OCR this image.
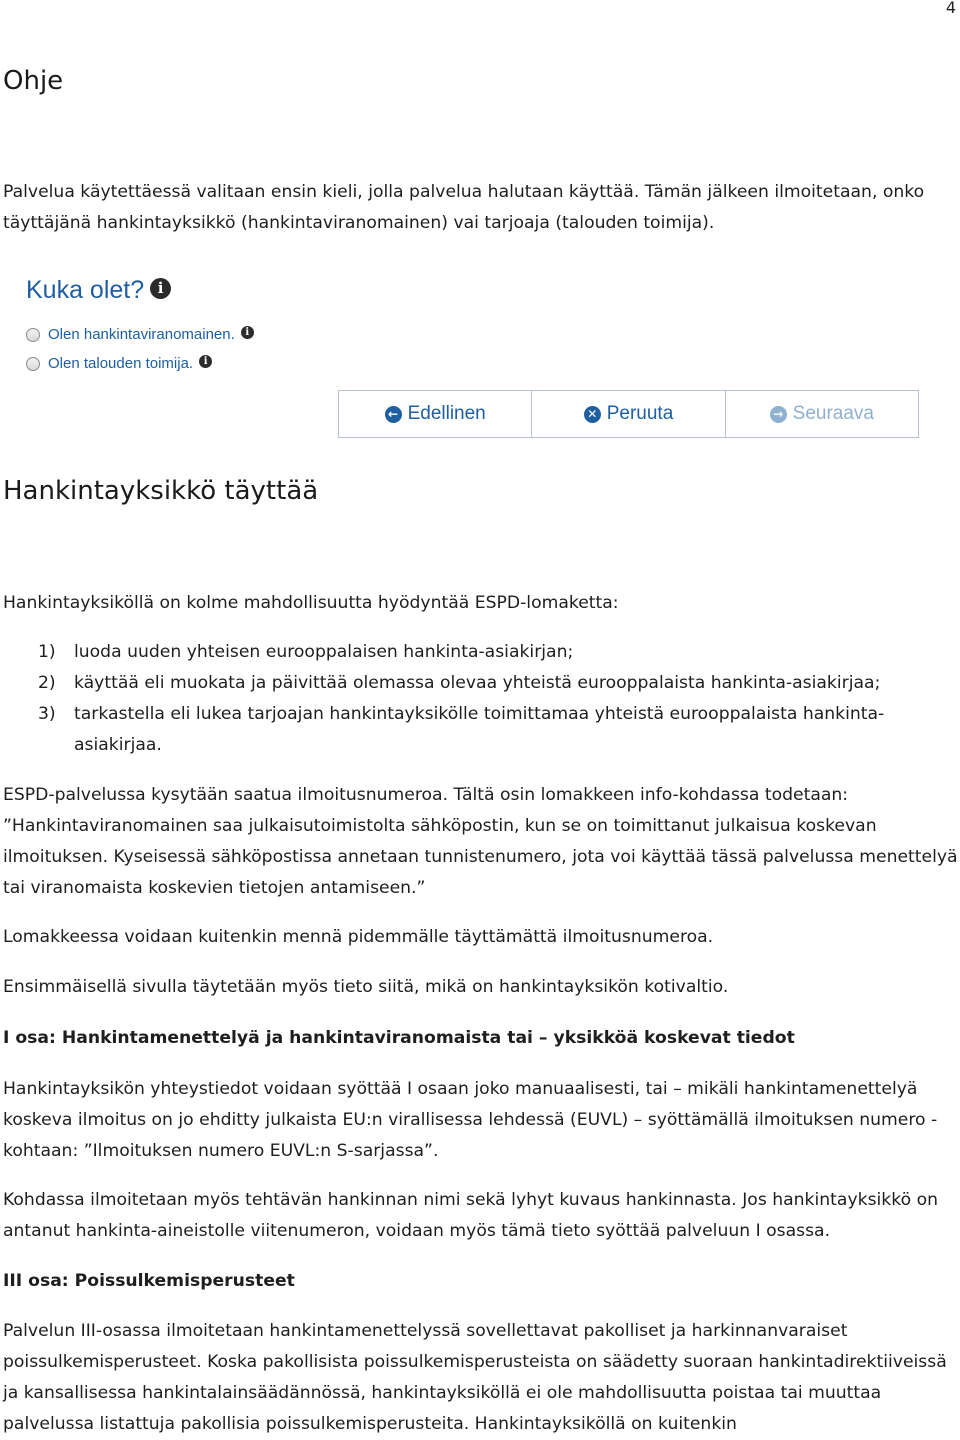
4
Ohje

Palvelua käytettäessä valitaan ensin kieli, jolla palvelua halutaan käyttää. Tämän jälkeen ilmoitetaan, onko täyttäjänä hankintayksikkö (hankintaviranomainen) vai tarjoaja (talouden toimija).

Kuka olet? i
Olen hankintaviranomainen.	i
Olen talouden toimija.	i
← Edellinen	✕ Peruuta	→ Seuraava
Hankintayksikkö täyttää

Hankintayksiköllä on kolme mahdollisuutta hyödyntää ESPD-lomaketta:

1)	luoda uuden yhteisen eurooppalaisen hankinta-asiakirjan;
2)	käyttää eli muokata ja päivittää olemassa olevaa yhteistä eurooppalaista hankinta-asiakirjaa;
3)	tarkastella eli lukea tarjoajan hankintayksikölle toimittamaa yhteistä eurooppalaista hankinta-asiakirjaa.

ESPD-palvelussa kysytään saatua ilmoitusnumeroa. Tältä osin lomakkeen info-kohdassa todetaan: ”Hankintaviranomainen saa julkaisutoimistolta sähköpostin, kun se on toimittanut julkaisua koskevan ilmoituksen. Kyseisessä sähköpostissa annetaan tunnistenumero, jota voi käyttää tässä palvelussa menettelyä tai viranomaista koskevien tietojen antamiseen.”

Lomakkeessa voidaan kuitenkin mennä pidemmälle täyttämättä ilmoitusnumeroa.

Ensimmäisellä sivulla täytetään myös tieto siitä, mikä on hankintayksikön kotivaltio.

I osa: Hankintamenettelyä ja hankintaviranomaista tai – yksikköä koskevat tiedot

Hankintayksikön yhteystiedot voidaan syöttää I osaan joko manuaalisesti, tai – mikäli hankintamenettelyä koskeva ilmoitus on jo ehditty julkaista EU:n virallisessa lehdessä (EUVL) – syöttämällä ilmoituksen numero -kohtaan: ”Ilmoituksen numero EUVL:n S-sarjassa”.

Kohdassa ilmoitetaan myös tehtävän hankinnan nimi sekä lyhyt kuvaus hankinnasta. Jos hankintayksikkö on antanut hankinta-aineistolle viitenumeron, voidaan myös tämä tieto syöttää palveluun I osassa.

III osa: Poissulkemisperusteet

Palvelun III-osassa ilmoitetaan hankintamenettelyssä sovellettavat pakolliset ja harkinnanvaraiset poissulkemisperusteet. Koska pakollisista poissulkemisperusteista on säädetty suoraan hankintadirektiiveissä ja kansallisessa hankintalainsäädännössä, hankintayksiköllä ei ole mahdollisuutta poistaa tai muuttaa palvelussa listattuja pakollisia poissulkemisperusteita. Hankintayksiköllä on kuitenkin
